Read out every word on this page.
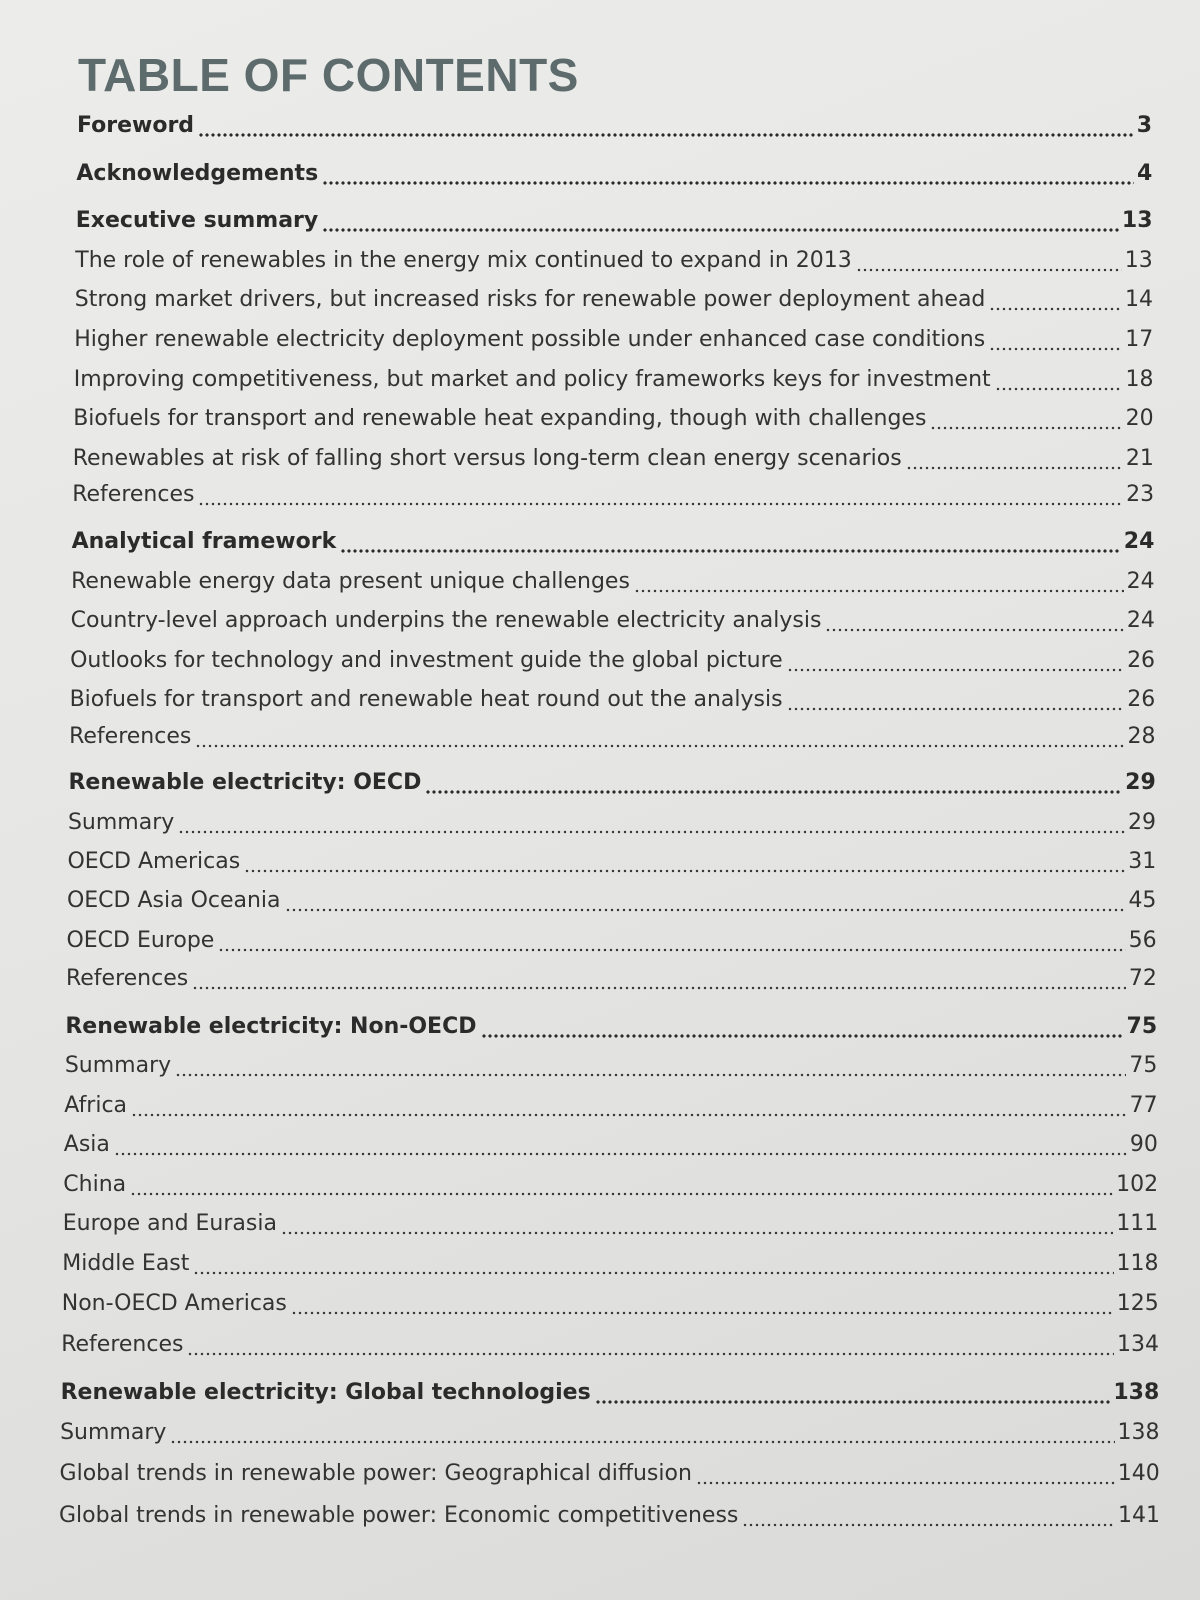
TABLE OF CONTENTS
Foreword	3
Acknowledgements	4
Executive summary	13
The role of renewables in the energy mix continued to expand in 2013	13
Strong market drivers, but increased risks for renewable power deployment ahead	14
Higher renewable electricity deployment possible under enhanced case conditions	17
Improving competitiveness, but market and policy frameworks keys for investment	18
Biofuels for transport and renewable heat expanding, though with challenges	20
Renewables at risk of falling short versus long-term clean energy scenarios	21
References	23
Analytical framework	24
Renewable energy data present unique challenges	24
Country-level approach underpins the renewable electricity analysis	24
Outlooks for technology and investment guide the global picture	26
Biofuels for transport and renewable heat round out the analysis	26
References	28
Renewable electricity: OECD	29
Summary	29
OECD Americas	31
OECD Asia Oceania	45
OECD Europe	56
References	72
Renewable electricity: Non-OECD	75
Summary	75
Africa	77
Asia	90
China	102
Europe and Eurasia	111
Middle East	118
Non-OECD Americas	125
References	134
Renewable electricity: Global technologies	138
Summary	138
Global trends in renewable power: Geographical diffusion	140
Global trends in renewable power: Economic competitiveness	141
